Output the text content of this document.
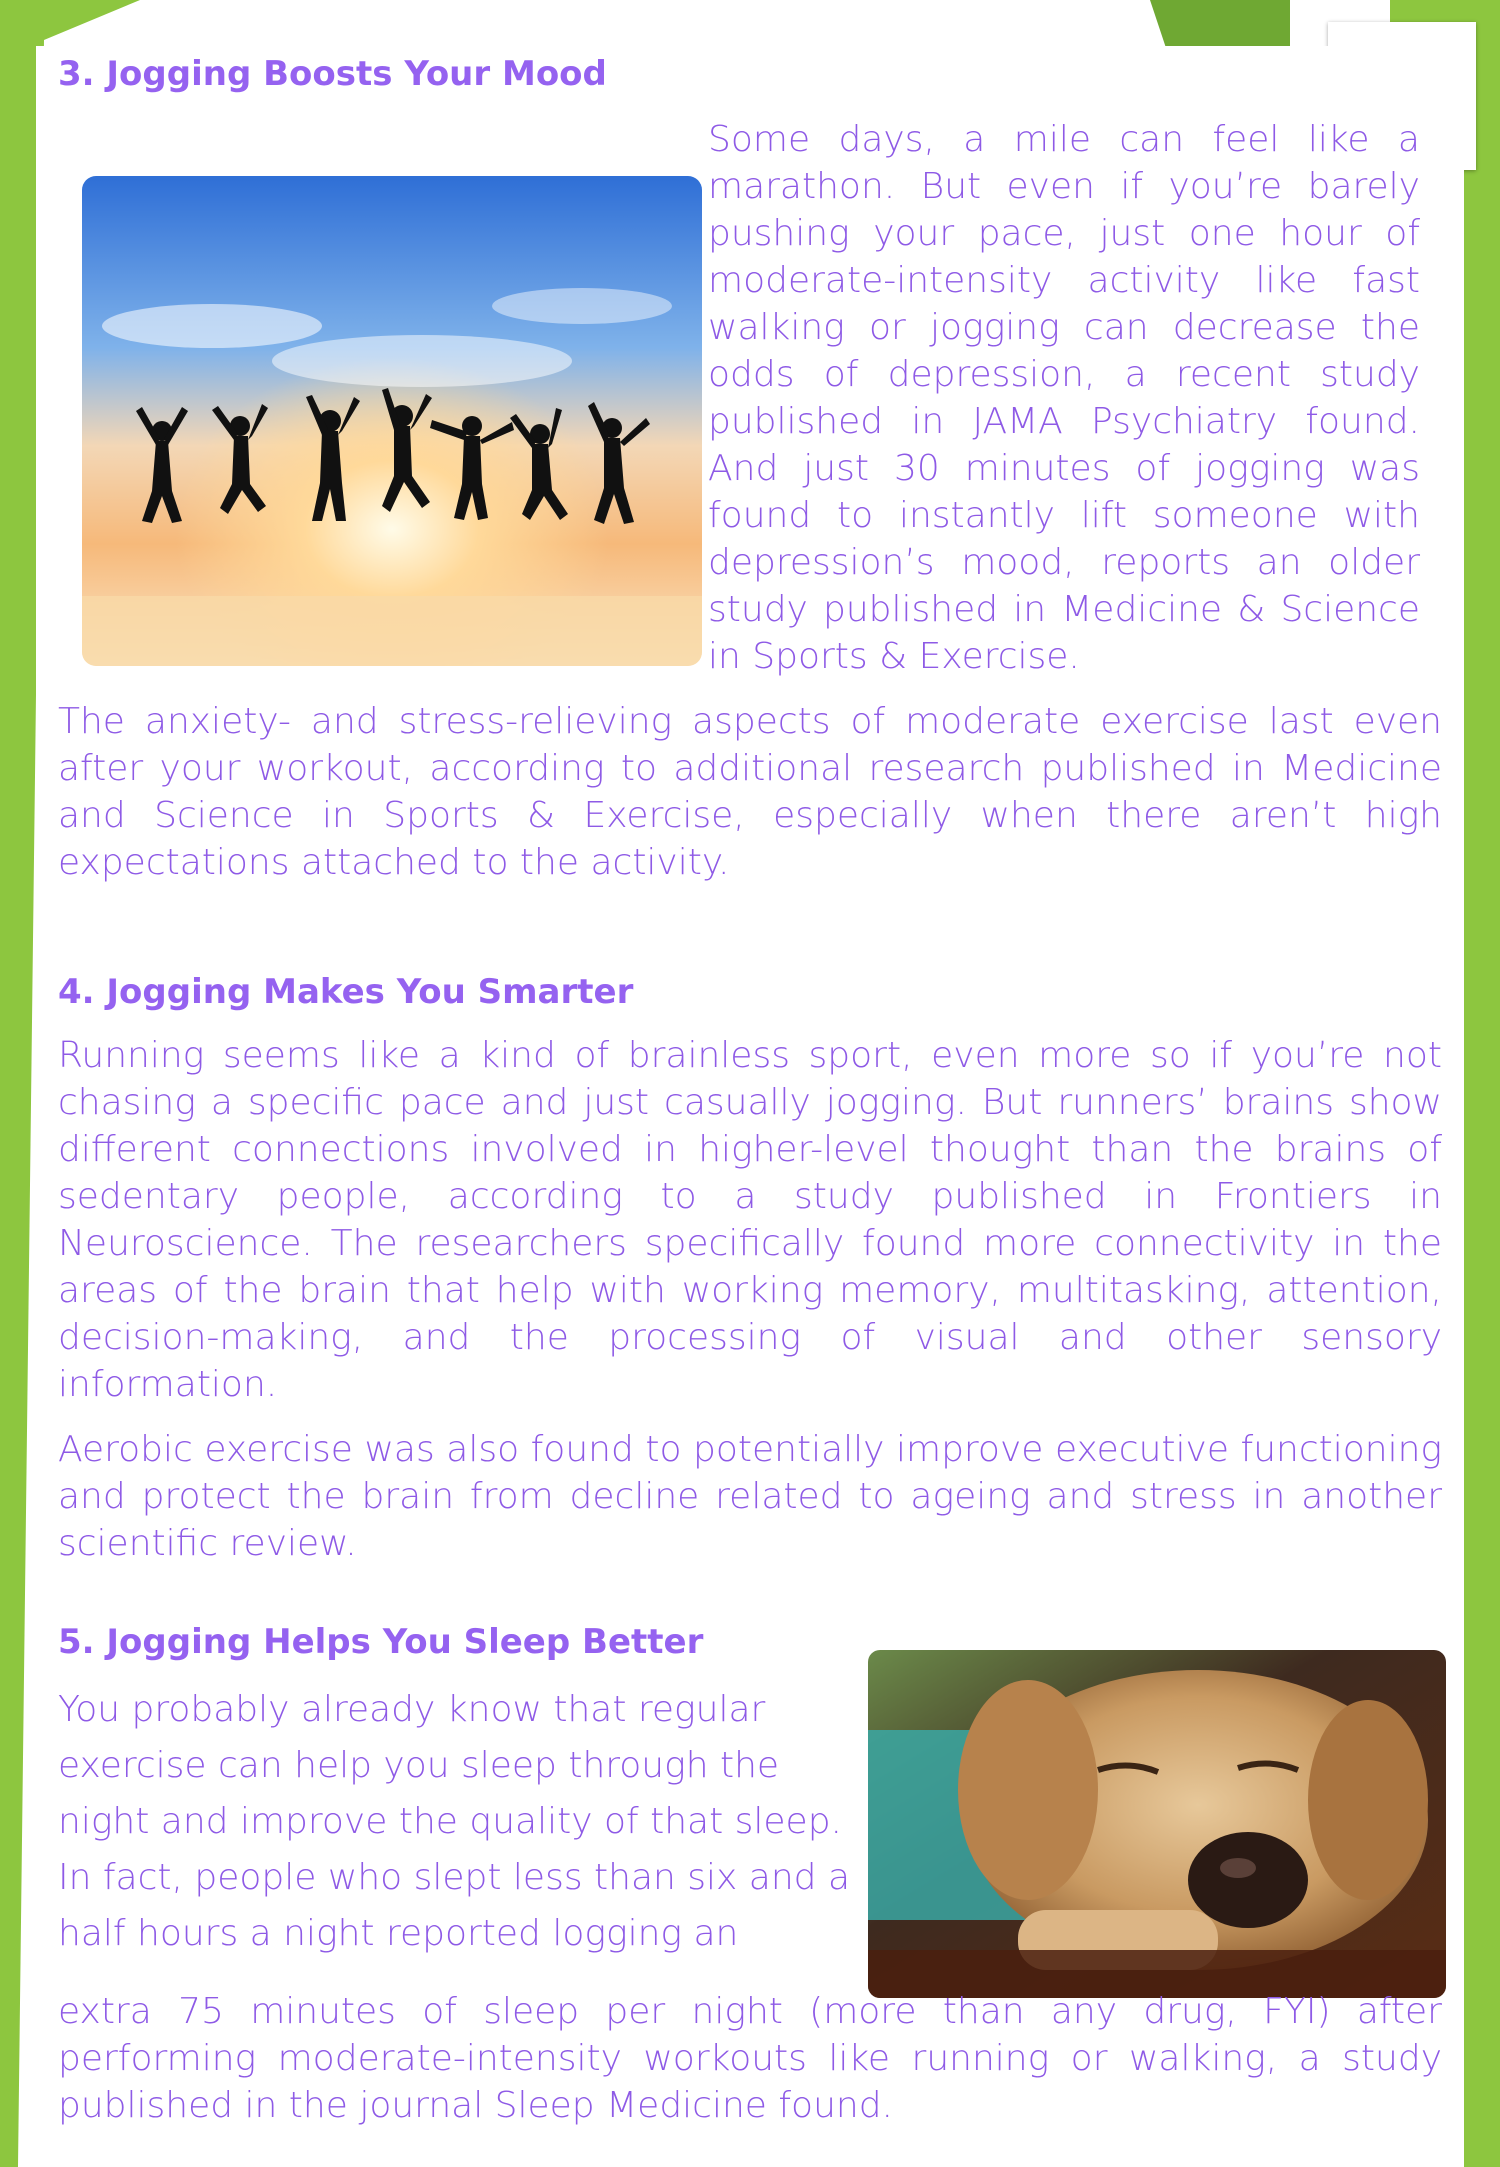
3. Jogging Boosts Your Mood

Some days, a mile can feel like a marathon. But even if you’re barely pushing your pace, just one hour of moderate-intensity activity like fast walking or jogging can decrease the odds of depression, a recent study published in JAMA Psychiatry found. And just 30 minutes of jogging was found to instantly lift someone with depression’s mood, reports an older study published in Medicine & Science in Sports & Exercise.

The anxiety- and stress-relieving aspects of moderate exercise last even after your workout, according to additional research published in Medicine and Science in Sports & Exercise, especially when there aren’t high expectations attached to the activity.

4. Jogging Makes You Smarter

Running seems like a kind of brainless sport, even more so if you’re not chasing a specific pace and just casually jogging. But runners’ brains show different connections involved in higher-level thought than the brains of sedentary people, according to a study published in Frontiers in Neuroscience. The researchers specifically found more connectivity in the areas of the brain that help with working memory, multitasking, attention, decision-making, and the processing of visual and other sensory information.

Aerobic exercise was also found to potentially improve executive functioning and protect the brain from decline related to ageing and stress in another scientific review.

5. Jogging Helps You Sleep Better

You probably already know that regular exercise can help you sleep through the night and improve the quality of that sleep. In fact, people who slept less than six and a half hours a night reported logging an

extra 75 minutes of sleep per night (more than any drug, FYI) after performing moderate-intensity workouts like running or walking, a study published in the journal Sleep Medicine found.
